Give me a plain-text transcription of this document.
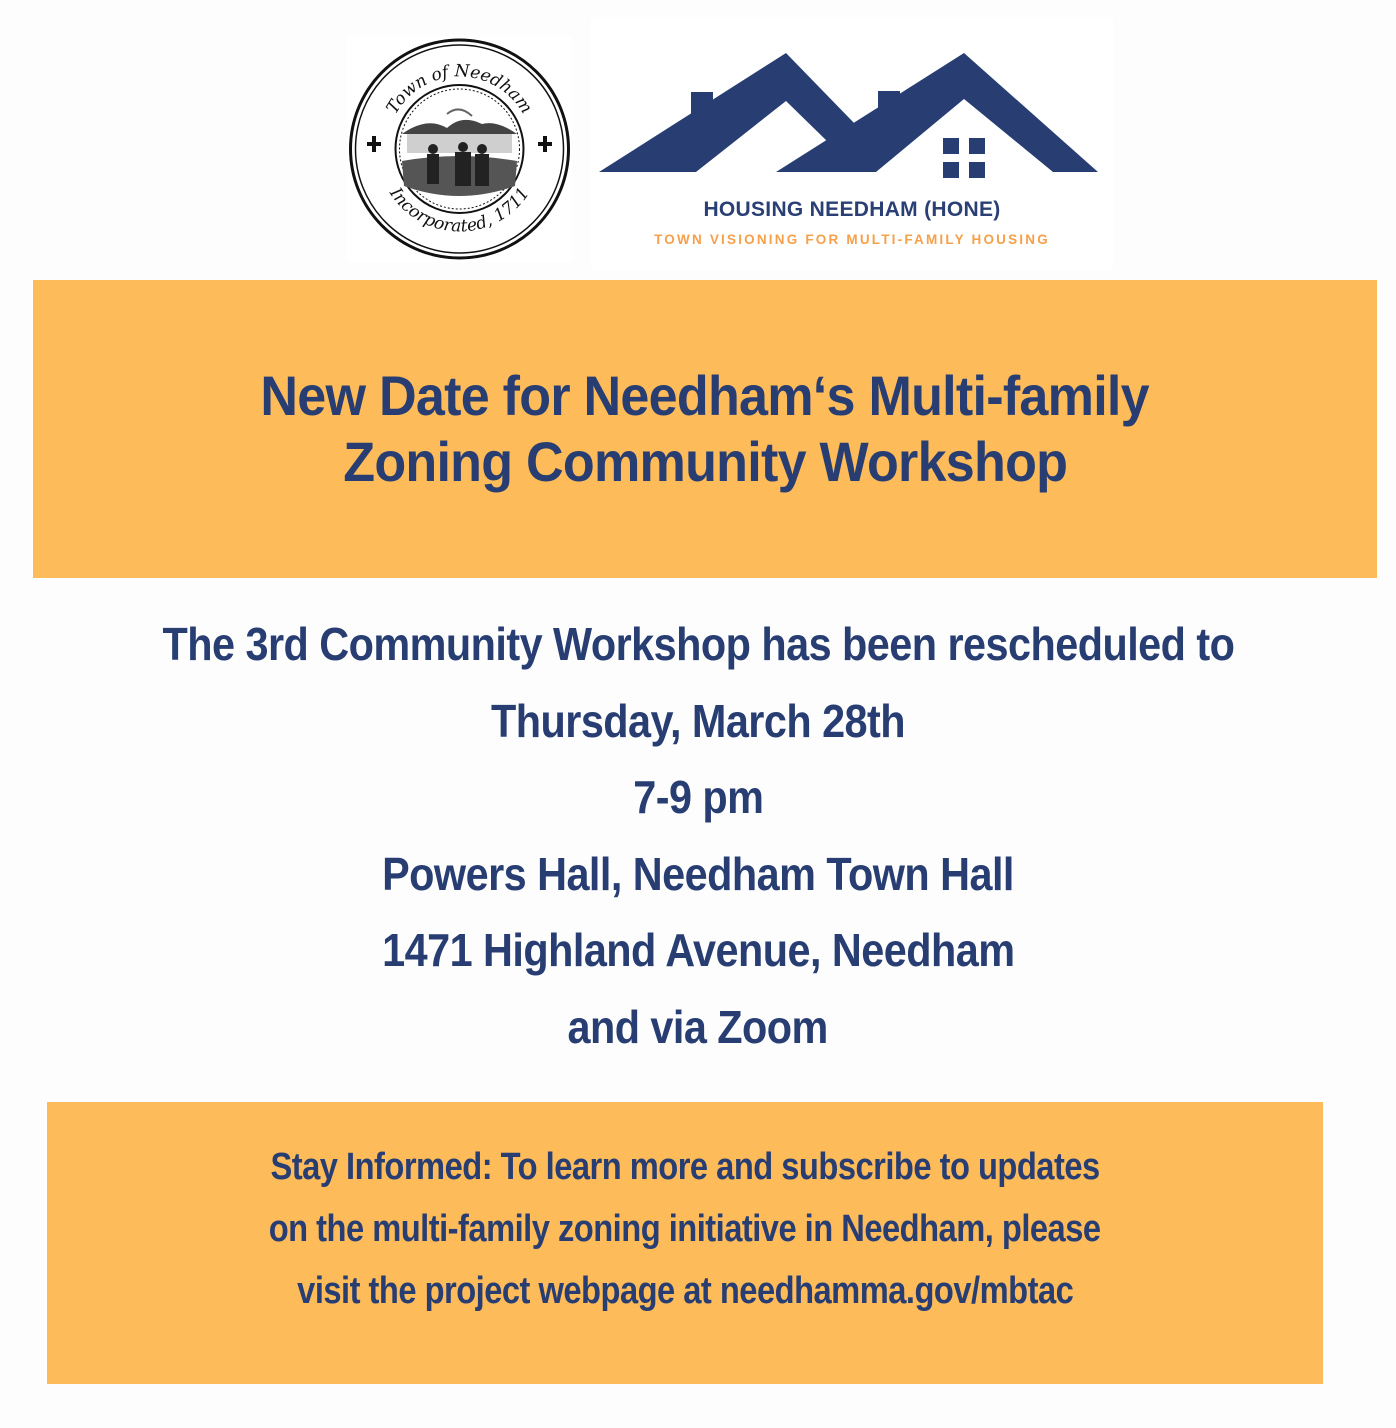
Town of Needham
Incorporated, 1711
HOUSING NEEDHAM (HONE)
TOWN VISIONING FOR MULTI-FAMILY HOUSING
New Date for Needham‘s Multi-family
Zoning Community Workshop
The 3rd Community Workshop has been rescheduled to
Thursday, March 28th
7-9 pm
Powers Hall, Needham Town Hall
1471 Highland Avenue, Needham
and via Zoom
Stay Informed: To learn more and subscribe to updates
on the multi-family zoning initiative in Needham, please
visit the project webpage at needhamma.gov/mbtac
